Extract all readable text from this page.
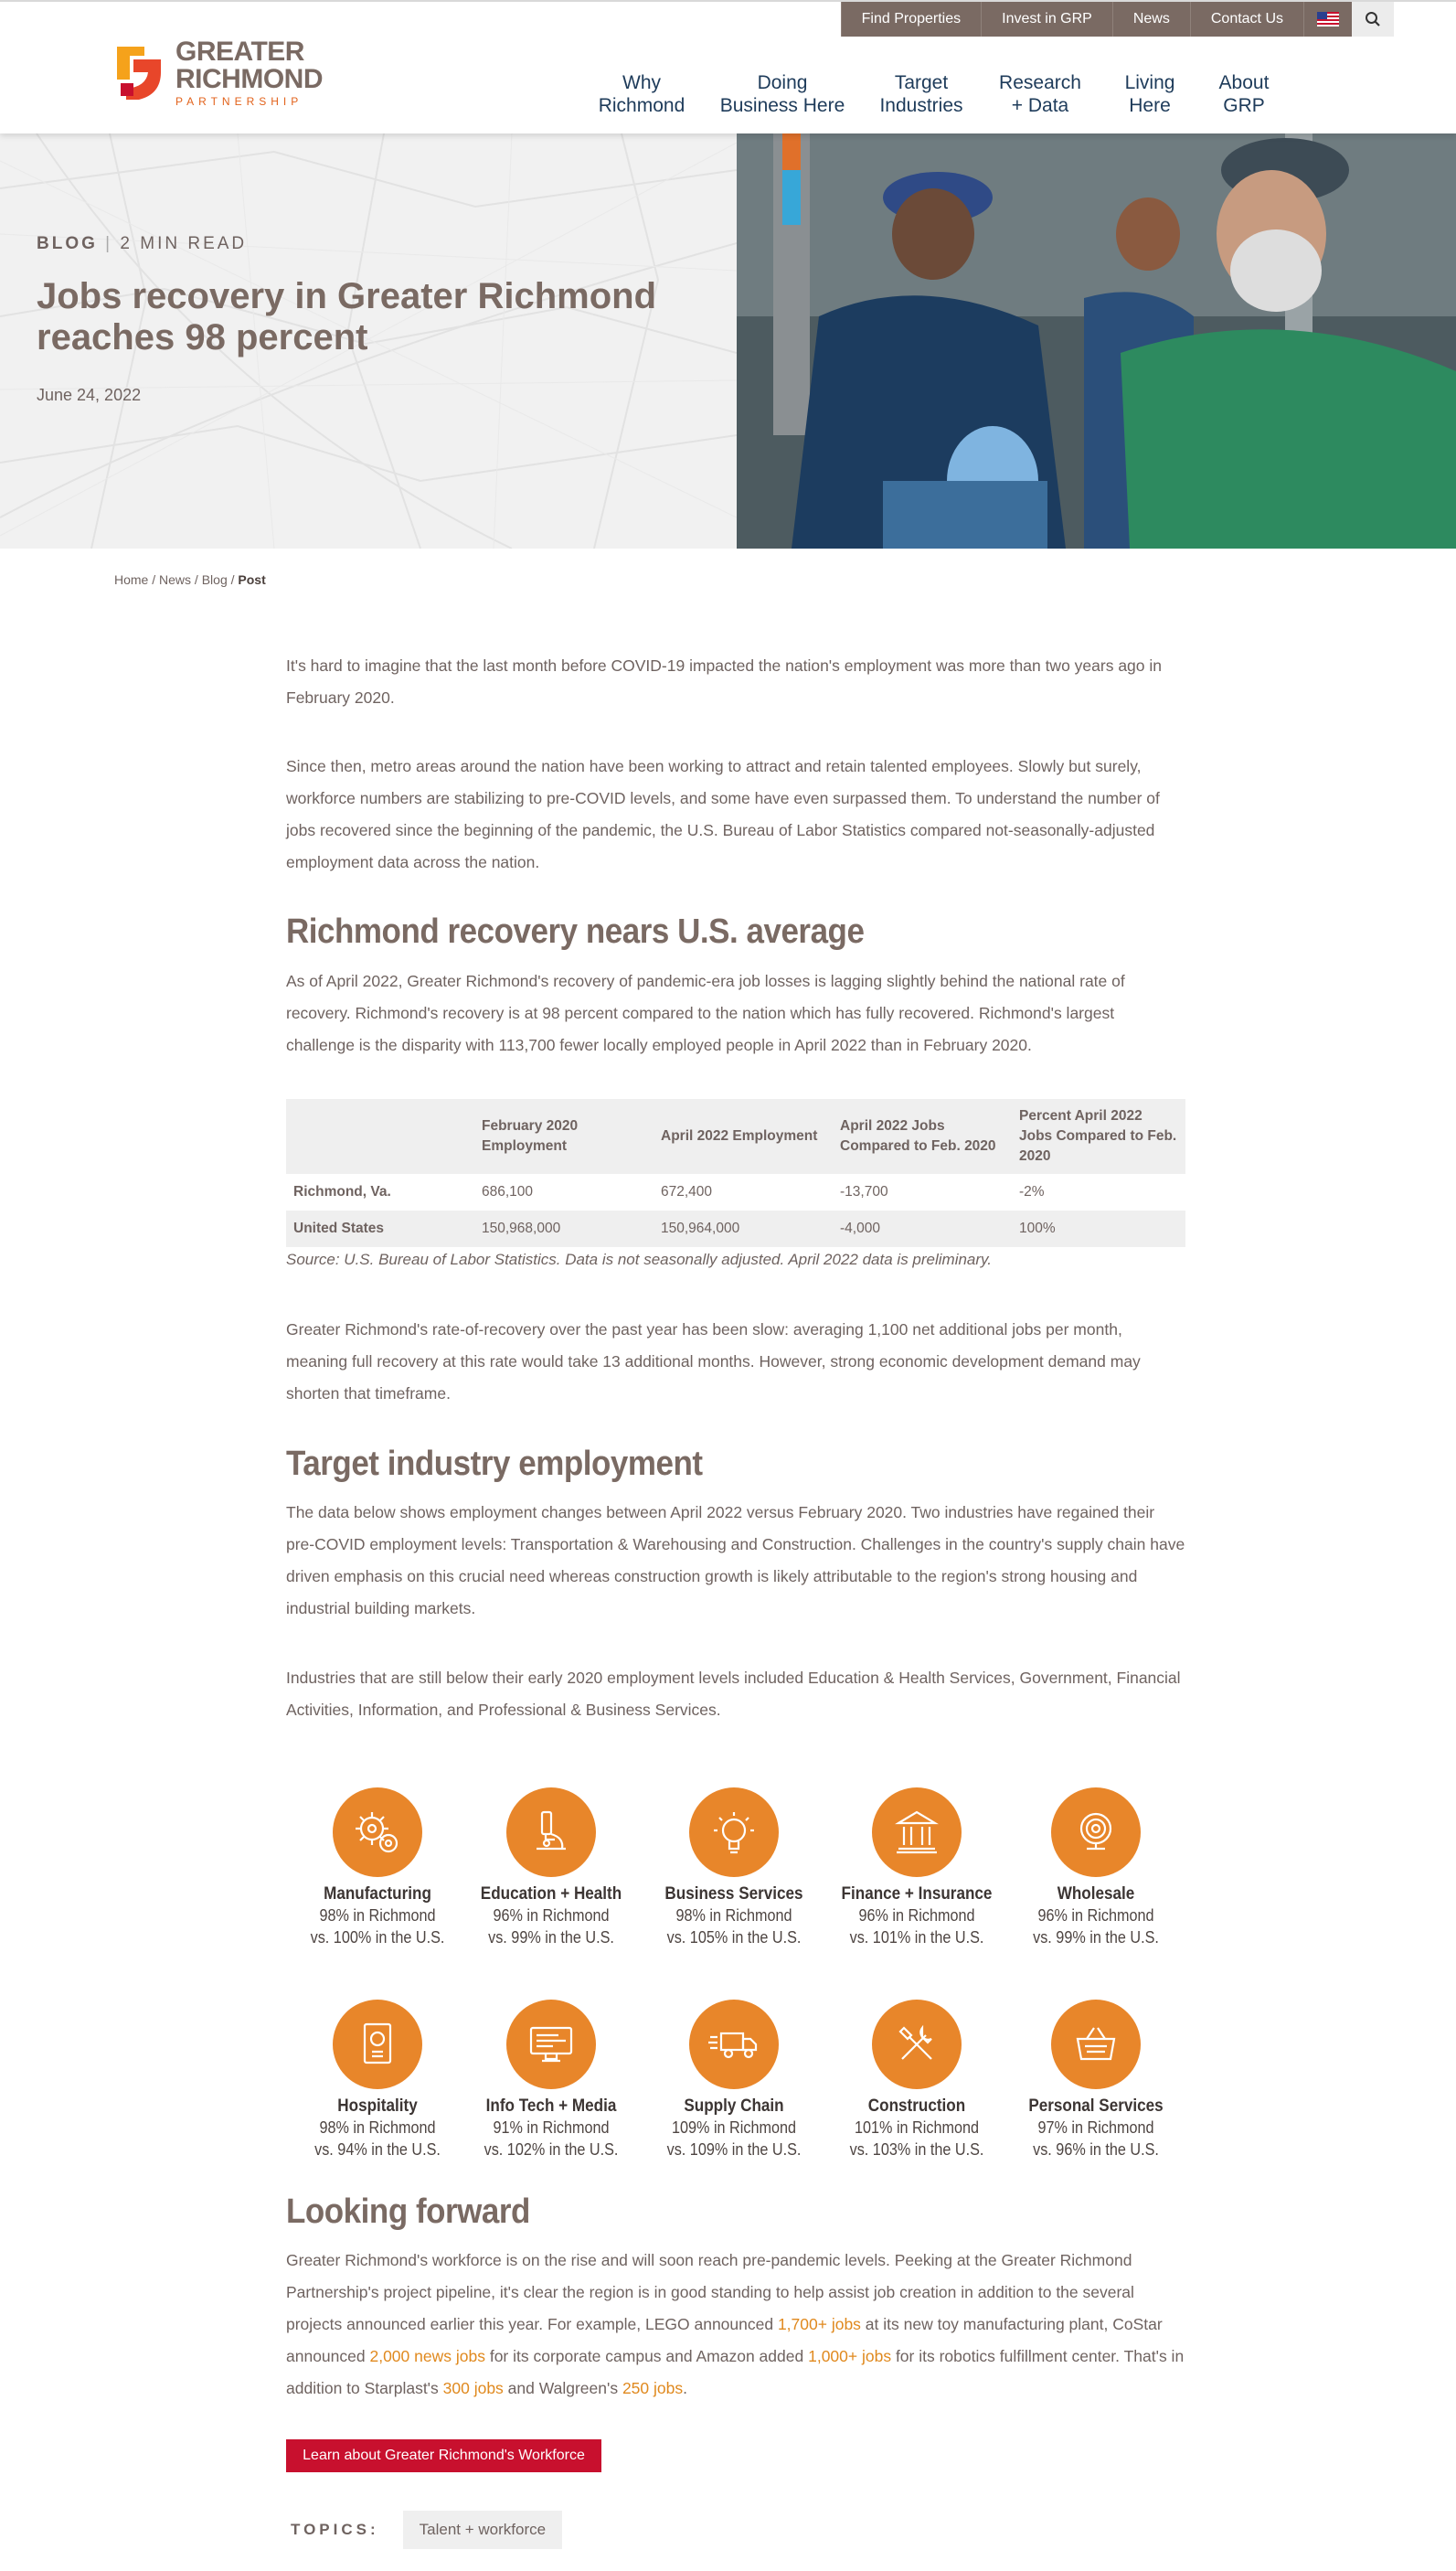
Find Properties	Invest in GRP	News	Contact Us
GREATER
RICHMOND
PARTNERSHIP
Why
Richmond
Doing
Business Here
Target
Industries
Research
+ Data
Living
Here
About
GRP
BLOG | 2 MIN READ
Jobs recovery in Greater Richmond reaches 98 percent
June 24, 2022
Home / News / Blog / Post

It's hard to imagine that the last month before COVID-19 impacted the nation's employment was more than two years ago in February 2020.

Since then, metro areas around the nation have been working to attract and retain talented employees. Slowly but surely, workforce numbers are stabilizing to pre-COVID levels, and some have even surpassed them. To understand the number of jobs recovered since the beginning of the pandemic, the U.S. Bureau of Labor Statistics compared not-seasonally-adjusted employment data across the nation.

Richmond recovery nears U.S. average

As of April 2022, Greater Richmond's recovery of pandemic-era job losses is lagging slightly behind the national rate of recovery. Richmond's recovery is at 98 percent compared to the nation which has fully recovered. Richmond's largest challenge is the disparity with 113,700 fewer locally employed people in April 2022 than in February 2020.

	February 2020 Employment	April 2022 Employment	April 2022 Jobs Compared to Feb. 2020	Percent April 2022 Jobs Compared to Feb. 2020
Richmond, Va.	686,100	672,400	-13,700	-2%
United States	150,968,000	150,964,000	-4,000	100%

Source: U.S. Bureau of Labor Statistics. Data is not seasonally adjusted. April 2022 data is preliminary.

Greater Richmond's rate-of-recovery over the past year has been slow: averaging 1,100 net additional jobs per month, meaning full recovery at this rate would take 13 additional months. However, strong economic development demand may shorten that timeframe.

Target industry employment

The data below shows employment changes between April 2022 versus February 2020. Two industries have regained their pre-COVID employment levels: Transportation & Warehousing and Construction. Challenges in the country's supply chain have driven emphasis on this crucial need whereas construction growth is likely attributable to the region's strong housing and industrial building markets.

Industries that are still below their early 2020 employment levels included Education & Health Services, Government, Financial Activities, Information, and Professional & Business Services.

Manufacturing
98% in Richmond
vs. 100% in the U.S.
Education + Health
96% in Richmond
vs. 99% in the U.S.
Business Services
98% in Richmond
vs. 105% in the U.S.
Finance + Insurance
96% in Richmond
vs. 101% in the U.S.
Wholesale
96% in Richmond
vs. 99% in the U.S.
Hospitality
98% in Richmond
vs. 94% in the U.S.
Info Tech + Media
91% in Richmond
vs. 102% in the U.S.
Supply Chain
109% in Richmond
vs. 109% in the U.S.
Construction
101% in Richmond
vs. 103% in the U.S.
Personal Services
97% in Richmond
vs. 96% in the U.S.
Looking forward

Greater Richmond's workforce is on the rise and will soon reach pre-pandemic levels. Peeking at the Greater Richmond Partnership's project pipeline, it's clear the region is in good standing to help assist job creation in addition to the several projects announced earlier this year. For example, LEGO announced 1,700+ jobs at its new toy manufacturing plant, CoStar announced 2,000 news jobs for its corporate campus and Amazon added 1,000+ jobs for its robotics fulfillment center. That's in addition to Starplast's 300 jobs and Walgreen's 250 jobs.

Learn about Greater Richmond's Workforce
TOPICS:	Talent + workforce
